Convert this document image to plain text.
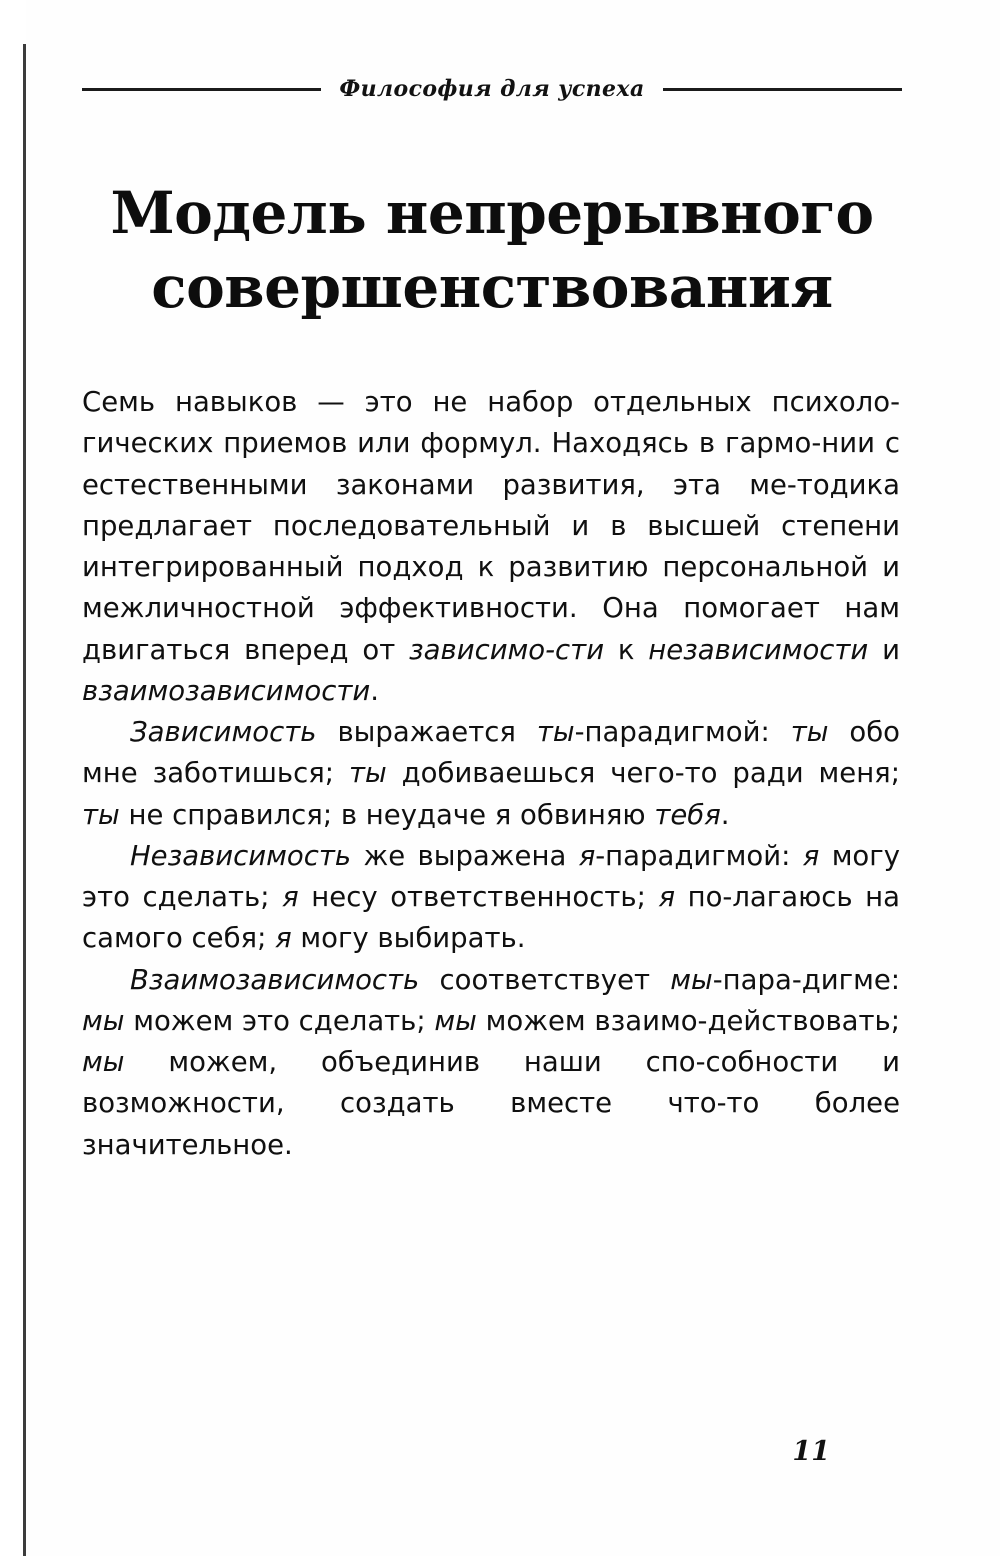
Философия для успеха
Модель непрерывного
совершенствования

Семь навыков — это не набор отдельных психоло-гических приемов или формул. Находясь в гармо-нии с естественными законами развития, эта ме-тодика предлагает последовательный и в высшей степени интегрированный подход к развитию персональной и межличностной эффективности. Она помогает нам двигаться вперед от зависимо-сти к независимости и взаимозависимости.

Зависимость выражается ты-парадигмой: ты обо мне заботишься; ты добиваешься чего-то ради меня; ты не справился; в неудаче я обвиняю тебя.

Независимость же выражена я-парадигмой: я могу это сделать; я несу ответственность; я по-лагаюсь на самого себя; я могу выбирать.

Взаимозависимость соответствует мы-пара-дигме: мы можем это сделать; мы можем взаимо-действовать; мы можем, объединив наши спо-собности и возможности, создать вместе что-то более значительное.

11
